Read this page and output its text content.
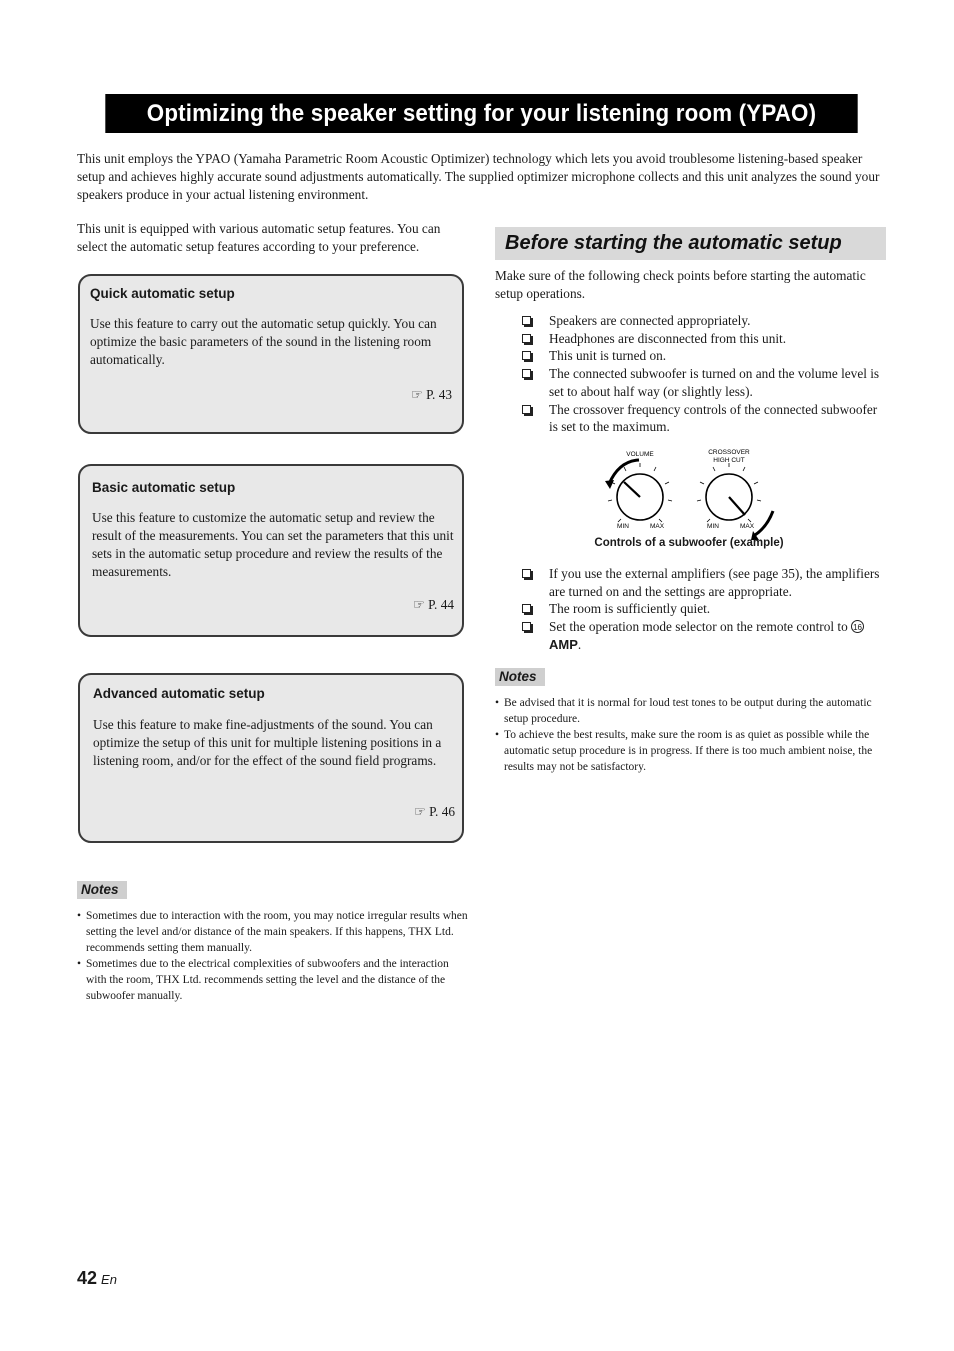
Optimizing the speaker setting for your listening room (YPAO)
This unit employs the YPAO (Yamaha Parametric Room Acoustic Optimizer) technology which lets you avoid troublesome listening-based speaker setup and achieves highly accurate sound adjustments automatically. The supplied optimizer microphone collects and this unit analyzes the sound your speakers produce in your actual listening environment.
This unit is equipped with various automatic setup features. You can select the automatic setup features according to your preference.
Quick automatic setup
Use this feature to carry out the automatic setup quickly. You can optimize the basic parameters of the sound in the listening room automatically.
☞ P. 43
Basic automatic setup
Use this feature to customize the automatic setup and review the result of the measurements. You can set the parameters that this unit sets in the automatic setup procedure and review the results of the measurements.
☞ P. 44
Advanced automatic setup
Use this feature to make fine-adjustments of the sound. You can optimize the setup of this unit for multiple listening positions in a listening room, and/or for the effect of the sound field programs.
☞ P. 46
Notes
• Sometimes due to interaction with the room, you may notice irregular results when setting the level and/or distance of the main speakers. If this happens, THX Ltd. recommends setting them manually.
• Sometimes due to the electrical complexities of subwoofers and the interaction with the room, THX Ltd. recommends setting the level and the distance of the subwoofer manually.
Before starting the automatic setup
Make sure of the following check points before starting the automatic setup operations.
Speakers are connected appropriately.
Headphones are disconnected from this unit.
This unit is turned on.
The connected subwoofer is turned on and the volume level is set to about half way (or slightly less).
The crossover frequency controls of the connected subwoofer is set to the maximum.
VOLUME	CROSSOVER
HIGH CUT
MIN	MAX	MIN	MAX
Controls of a subwoofer (example)
If you use the external amplifiers (see page 35), the amplifiers are turned on and the settings are appropriate.
The room is sufficiently quiet.
Set the operation mode selector on the remote control to 16AMP.
Notes
• Be advised that it is normal for loud test tones to be output during the automatic setup procedure.
• To achieve the best results, make sure the room is as quiet as possible while the automatic setup procedure is in progress. If there is too much ambient noise, the results may not be satisfactory.
42 En
